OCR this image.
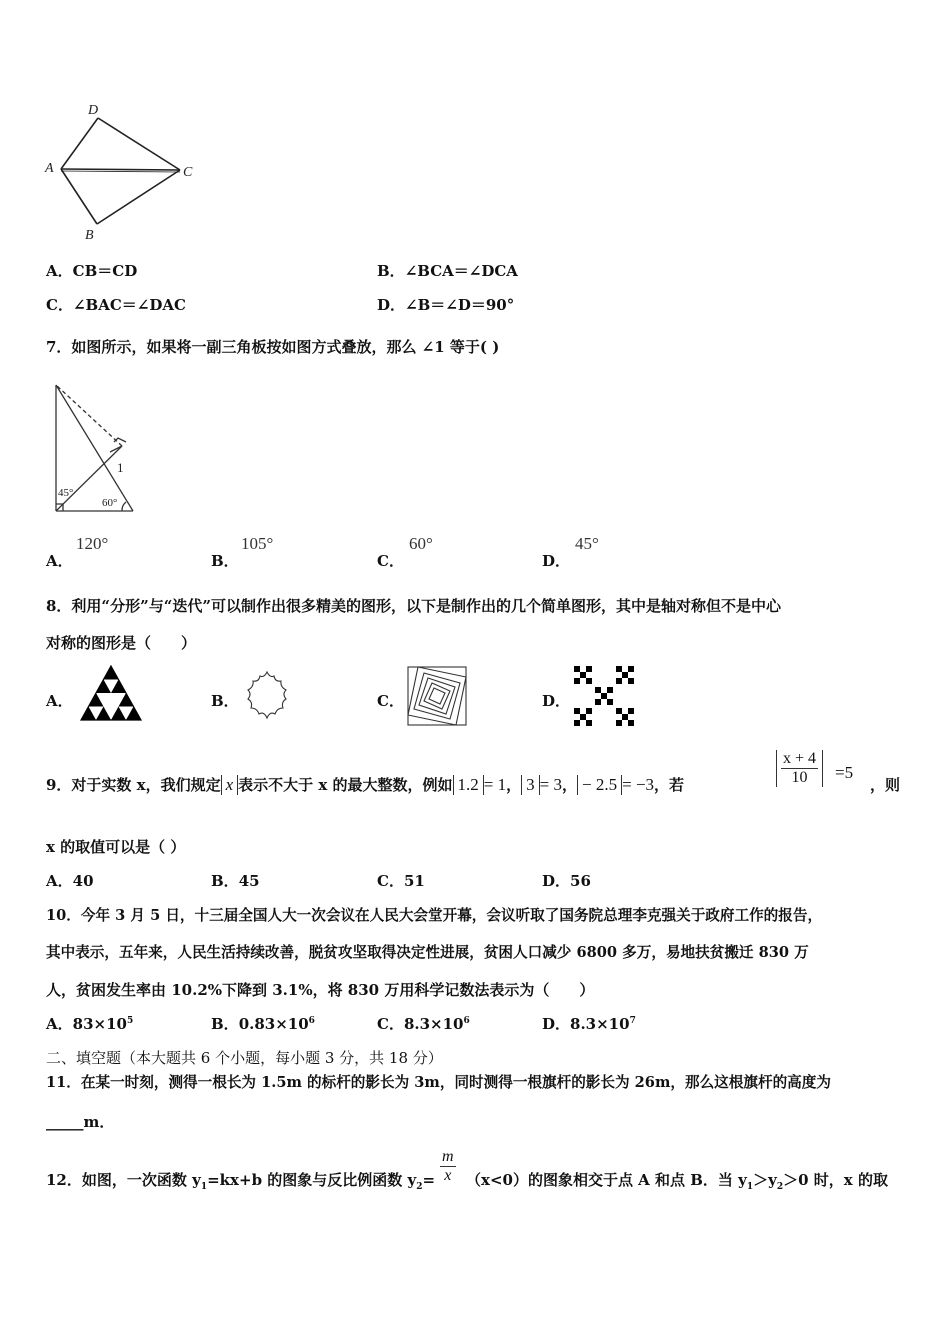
D
A	C
B
A．CB＝CD	B．∠BCA＝∠DCA
C．∠BAC＝∠DAC	D．∠B＝∠D＝90°
7．如图所示，如果将一副三角板按如图方式叠放，那么 ∠1 等于( )
1
45°
60°
A．
120°
B．
105°
C．
60°
D．
45°
8．利用“分形”与“迭代”可以制作出很多精美的图形，以下是制作出的几个简单图形，其中是轴对称但不是中心
对称的图形是（　　）
A．	B．	C．	D．
9．对于实数 x，我们规定 x 表示不大于 x 的最大整数，例如 1.2 = 1， 3 = 3， − 2.5 = −3，若	$\frac{x + 4}{10} =5$
，则
x 的取值可以是（ ）
A．40	B．45	C．51	D．56
10．今年 3 月 5 日，十三届全国人大一次会议在人民大会堂开幕，会议听取了国务院总理李克强关于政府工作的报告，
其中表示，五年来，人民生活持续改善，脱贫攻坚取得决定性进展，贫困人口减少 6800 多万，易地扶贫搬迁 830 万
人，贫困发生率由 10.2%下降到 3.1%，将 830 万用科学记数法表示为（　　）
A．$83\times 10^5$	B．$0.83\times 10^6$	C．$8.3\times 10^6$	D．$8.3\times 10^7$
二、填空题（本大题共 6 个小题，每小题 3 分，共 18 分）
11．在某一时刻，测得一根长为 1.5m 的标杆的影长为 3m，同时测得一根旗杆的影长为 26m，那么这根旗杆的高度为
_____m．
12．如图，一次函数 $y_1=kx+b$ 的图象与反比例函数 $y_2= \frac{m}{x} (x<0)$的图象相交于点 A 和点 B．当 $y_1>y_2>0$ 时，x 的取
